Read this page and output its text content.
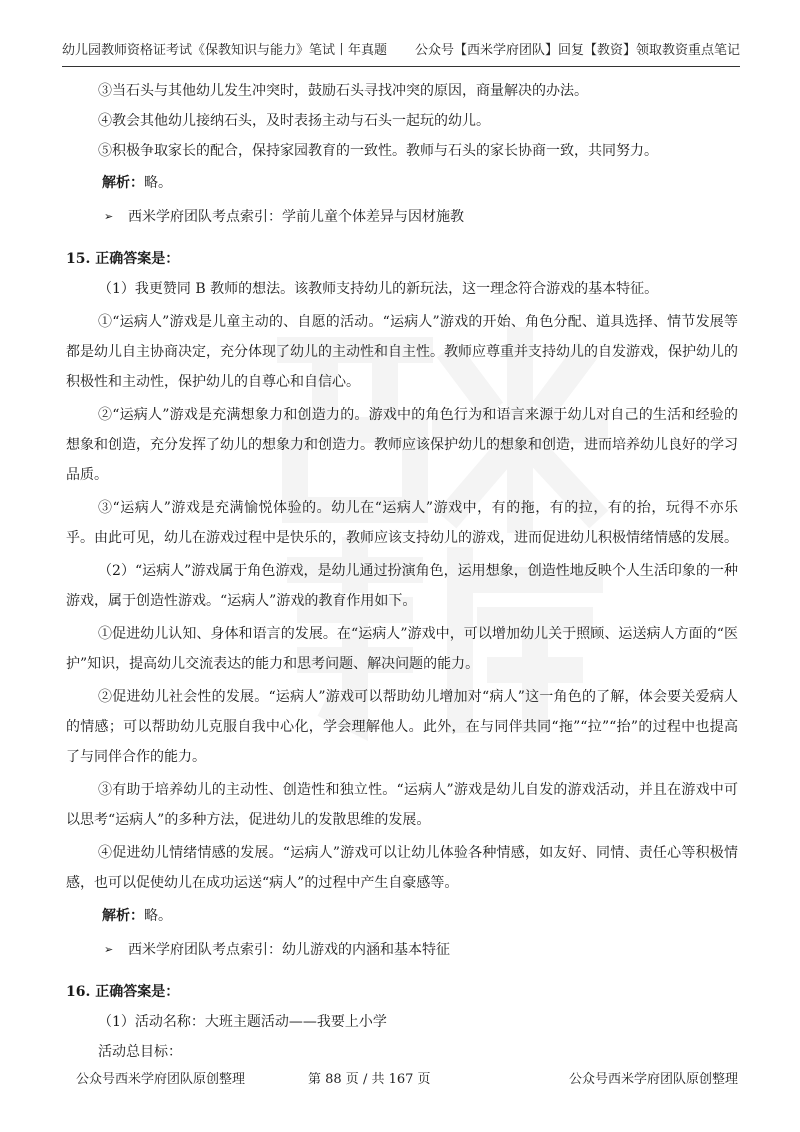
幼儿园教师资格证考试《保教知识与能力》笔试丨年真题 公众号【西米学府团队】回复【教资】领取教资重点笔记

③当石头与其他幼儿发生冲突时，鼓励石头寻找冲突的原因，商量解决的办法。

④教会其他幼儿接纳石头，及时表扬主动与石头一起玩的幼儿。

⑤积极争取家长的配合，保持家园教育的一致性。教师与石头的家长协商一致，共同努力。

解析：略。

➢ 西米学府团队考点索引：学前儿童个体差异与因材施教

15. 正确答案是：

（1）我更赞同 B 教师的想法。该教师支持幼儿的新玩法，这一理念符合游戏的基本特征。

①“运病人”游戏是儿童主动的、自愿的活动。“运病人”游戏的开始、角色分配、道具选择、情节发展等都是幼儿自主协商决定，充分体现了幼儿的主动性和自主性。教师应尊重并支持幼儿的自发游戏，保护幼儿的积极性和主动性，保护幼儿的自尊心和自信心。

②“运病人”游戏是充满想象力和创造力的。游戏中的角色行为和语言来源于幼儿对自己的生活和经验的想象和创造，充分发挥了幼儿的想象力和创造力。教师应该保护幼儿的想象和创造，进而培养幼儿良好的学习品质。

③“运病人”游戏是充满愉悦体验的。幼儿在“运病人”游戏中，有的拖，有的拉，有的抬，玩得不亦乐乎。由此可见，幼儿在游戏过程中是快乐的，教师应该支持幼儿的游戏，进而促进幼儿积极情绪情感的发展。

（2）“运病人”游戏属于角色游戏，是幼儿通过扮演角色，运用想象，创造性地反映个人生活印象的一种游戏，属于创造性游戏。“运病人”游戏的教育作用如下。

①促进幼儿认知、身体和语言的发展。在“运病人”游戏中，可以增加幼儿关于照顾、运送病人方面的“医护”知识，提高幼儿交流表达的能力和思考问题、解决问题的能力。

②促进幼儿社会性的发展。“运病人”游戏可以帮助幼儿增加对“病人”这一角色的了解，体会要关爱病人的情感；可以帮助幼儿克服自我中心化，学会理解他人。此外，在与同伴共同“拖”“拉”“抬”的过程中也提高了与同伴合作的能力。

③有助于培养幼儿的主动性、创造性和独立性。“运病人”游戏是幼儿自发的游戏活动，并且在游戏中可以思考“运病人”的多种方法，促进幼儿的发散思维的发展。

④促进幼儿情绪情感的发展。“运病人”游戏可以让幼儿体验各种情感，如友好、同情、责任心等积极情感，也可以促使幼儿在成功运送“病人”的过程中产生自豪感等。

解析：略。

➢ 西米学府团队考点索引：幼儿游戏的内涵和基本特征

16. 正确答案是：

（1）活动名称：大班主题活动——我要上小学

活动总目标：

公众号西米学府团队原创整理	第 88 页 / 共 167 页	公众号西米学府团队原创整理
